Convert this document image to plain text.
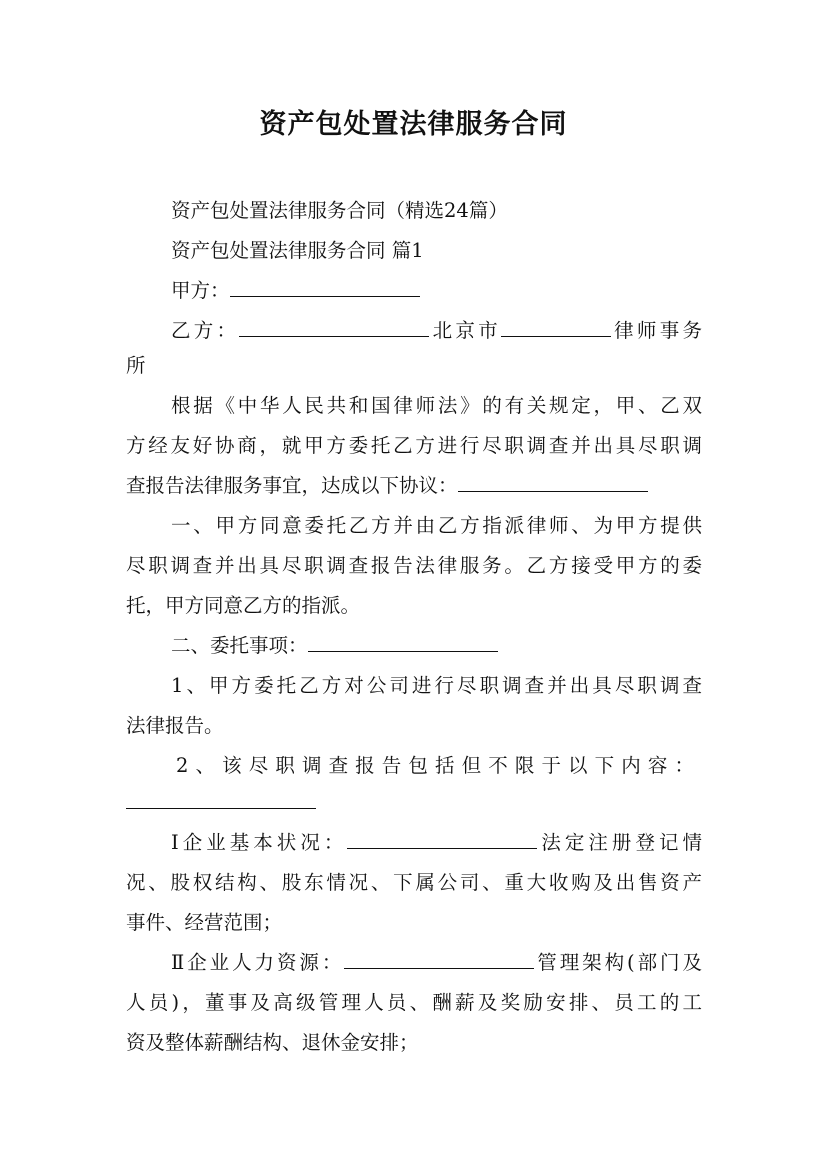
资产包处置法律服务合同
资产包处置法律服务合同（精选24篇）
资产包处置法律服务合同 篇1
甲方：
乙方：	北京市	律师事务
所
根据《中华人民共和国律师法》的有关规定，甲、乙双
方经友好协商，就甲方委托乙方进行尽职调查并出具尽职调
查报告法律服务事宜，达成以下协议：
一、甲方同意委托乙方并由乙方指派律师、为甲方提供
尽职调查并出具尽职调查报告法律服务。乙方接受甲方的委
托，甲方同意乙方的指派。
二、委托事项：
1、甲方委托乙方对公司进行尽职调查并出具尽职调查
法律报告。
2、该尽职调查报告包括但不限于以下内容：
Ⅰ企业基本状况：	法定注册登记情
况、股权结构、股东情况、下属公司、重大收购及出售资产
事件、经营范围；
Ⅱ企业人力资源：	管理架构(部门及
人员)，董事及高级管理人员、酬薪及奖励安排、员工的工
资及整体薪酬结构、退休金安排；
